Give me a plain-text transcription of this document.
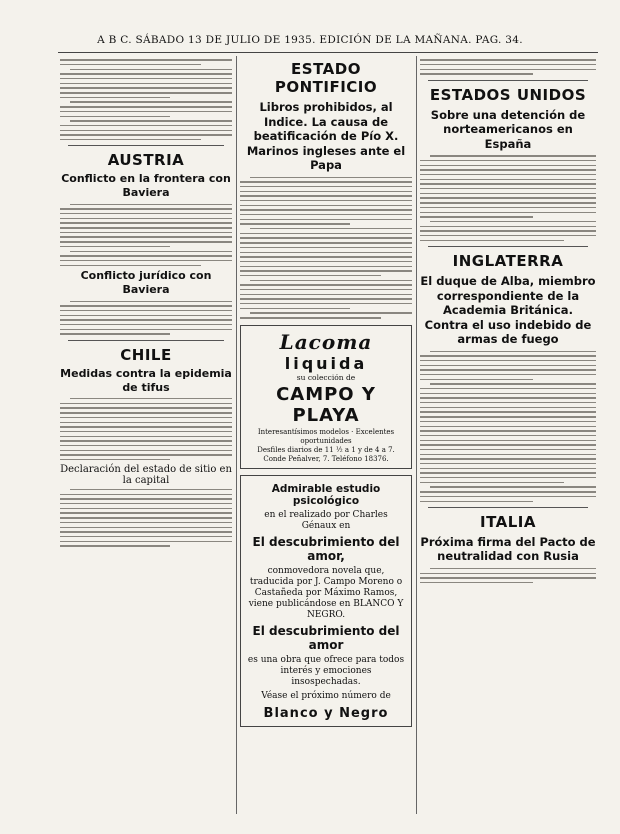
A B C. SÁBADO 13 DE JULIO DE 1935. EDICIÓN DE LA MAÑANA. PAG. 34.
AUSTRIA
Conflicto en la frontera con Baviera
Conflicto jurídico con Baviera
CHILE
Medidas contra la epidemia de tifus
Declaración del estado de sitio en la capital
ESTADO PONTIFICIO
Libros prohibidos, al Indice. La causa de beatificación de Pío X. Marinos ingleses ante el Papa
Lacoma
liquida
su colección de
CAMPO Y PLAYA
Interesantísimos modelos · Excelentes oportunidades
Desfiles diarios de 11 ½ a 1 y de 4 a 7. Conde Peñalver, 7. Teléfono 18376.
Admirable estudio psicológico
en el realizado por Charles Génaux en
El descubrimiento del amor,
conmovedora novela que, traducida por J. Campo Moreno o Castañeda por Máximo Ramos, viene publicándose en BLANCO Y NEGRO.
El descubrimiento del amor
es una obra que ofrece para todos interés y emociones insospechadas.
Véase el próximo número de
Blanco y Negro
ESTADOS UNIDOS
Sobre una detención de norteamericanos en España
INGLATERRA
El duque de Alba, miembro correspondiente de la Academia Británica. Contra el uso indebido de armas de fuego
ITALIA
Próxima firma del Pacto de neutralidad con Rusia
